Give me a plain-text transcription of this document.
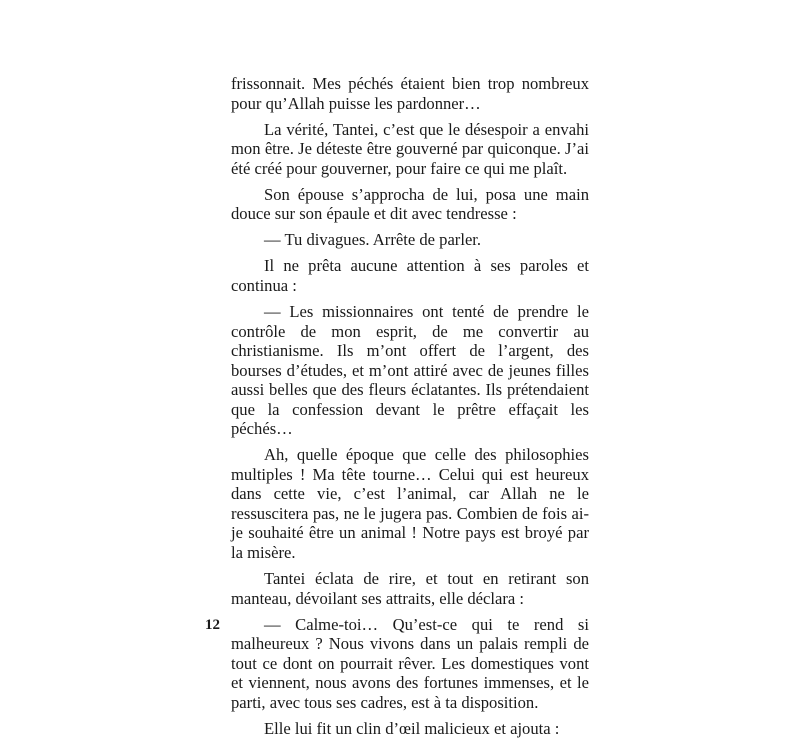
frissonnait. Mes péchés étaient bien trop nombreux pour qu’Allah puisse les pardonner…

La vérité, Tantei, c’est que le désespoir a envahi mon être. Je déteste être gouverné par quiconque. J’ai été créé pour gouverner, pour faire ce qui me plaît.

Son épouse s’approcha de lui, posa une main douce sur son épaule et dit avec tendresse :

— Tu divagues. Arrête de parler.

Il ne prêta aucune attention à ses paroles et continua :

— Les missionnaires ont tenté de prendre le contrôle de mon esprit, de me convertir au christianisme. Ils m’ont offert de l’argent, des bourses d’études, et m’ont attiré avec de jeunes filles aussi belles que des fleurs éclatantes. Ils prétendaient que la confession devant le prêtre effaçait les péchés…

Ah, quelle époque que celle des philosophies multiples ! Ma tête tourne… Celui qui est heureux dans cette vie, c’est l’animal, car Allah ne le ressuscitera pas, ne le jugera pas. Combien de fois ai-je souhaité être un animal ! Notre pays est broyé par la misère.

Tantei éclata de rire, et tout en retirant son manteau, dévoilant ses attraits, elle déclara :

— Calme-toi… Qu’est-ce qui te rend si malheureux ? Nous vivons dans un palais rempli de tout ce dont on pourrait rêver. Les domestiques vont et viennent, nous avons des fortunes immenses, et le parti, avec tous ses cadres, est à ta disposition.

Elle lui fit un clin d’œil malicieux et ajouta :

12
